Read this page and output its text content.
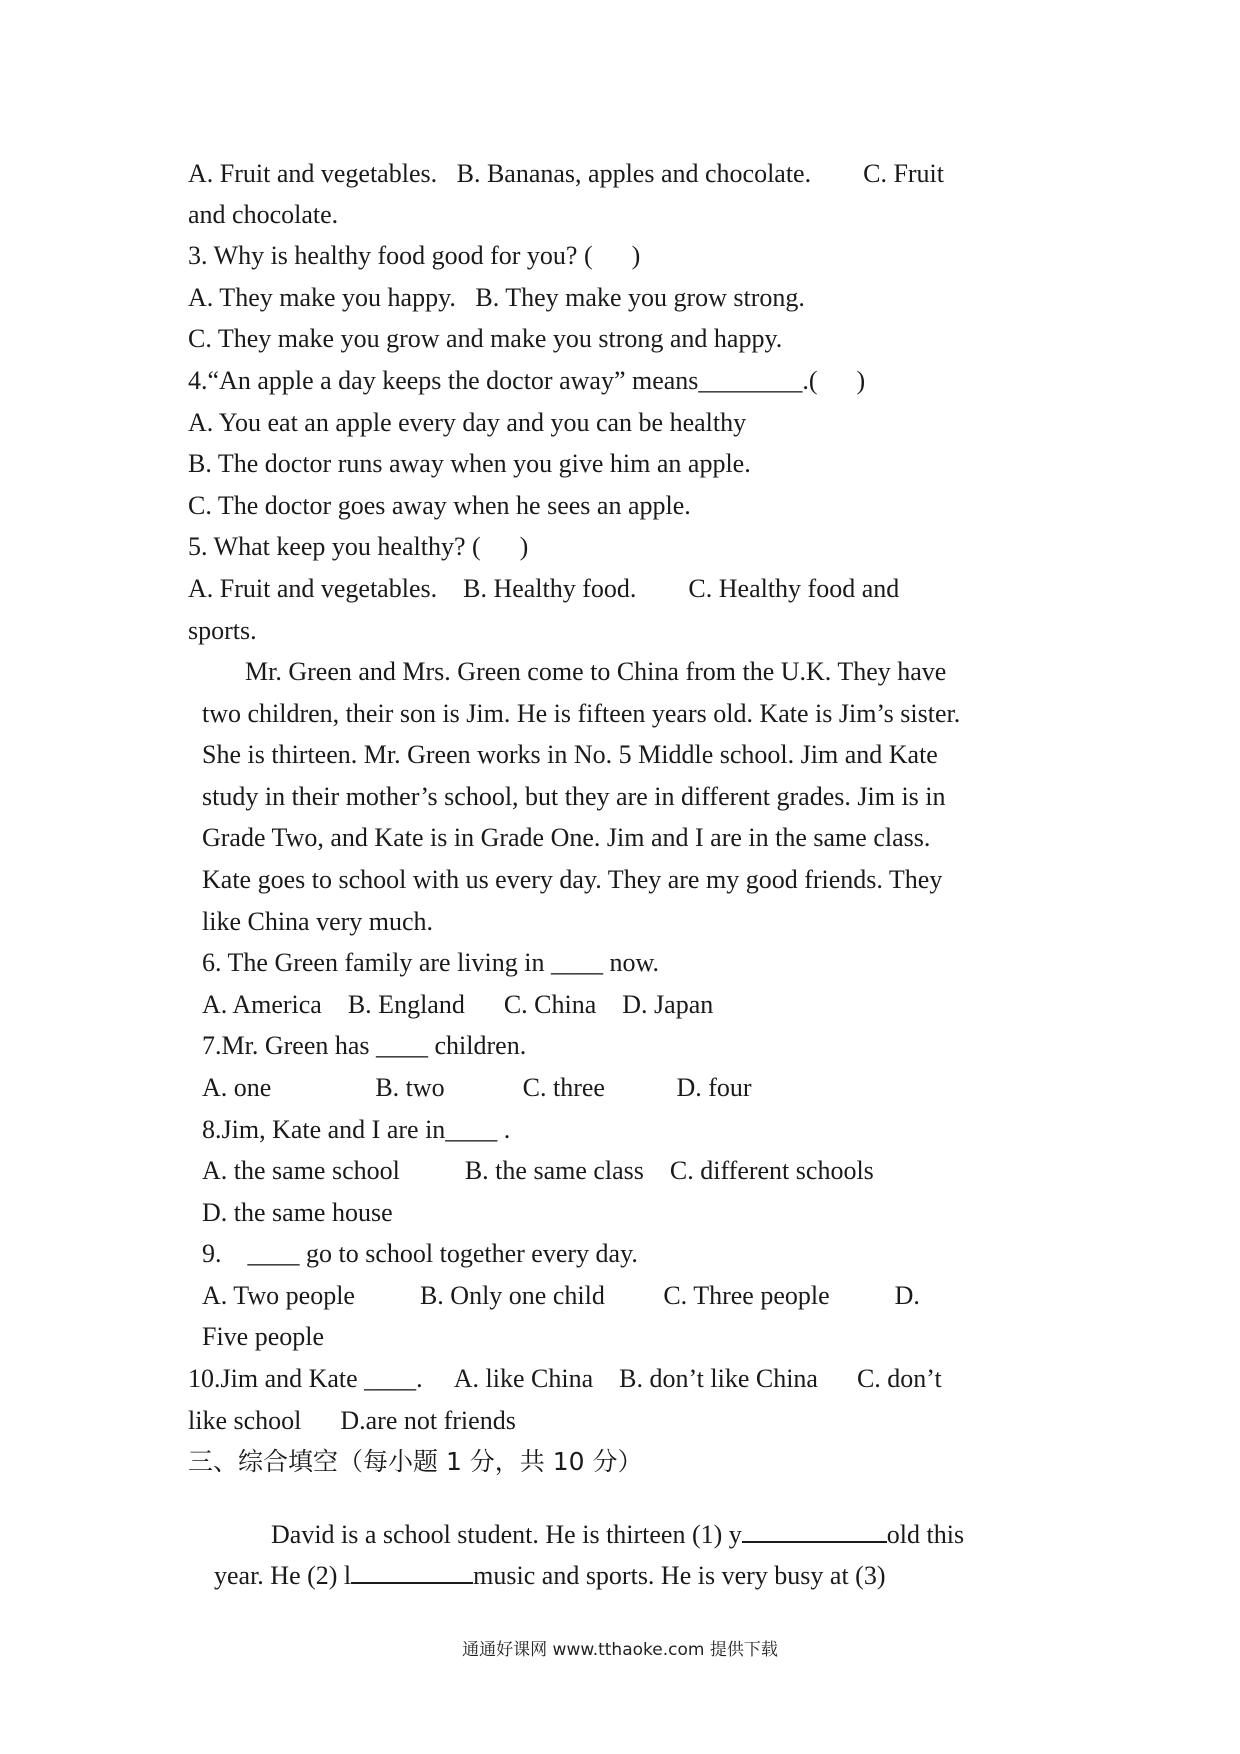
A. Fruit and vegetables.   B. Bananas, apples and chocolate.        C. Fruit
and chocolate.
3. Why is healthy food good for you? (      )
A. They make you happy.   B. They make you grow strong.
C. They make you grow and make you strong and happy.
4.“An apple a day keeps the doctor away” means________.(      )
A. You eat an apple every day and you can be healthy
B. The doctor runs away when you give him an apple.
C. The doctor goes away when he sees an apple.
5. What keep you healthy? (      )
A. Fruit and vegetables.    B. Healthy food.        C. Healthy food and
sports.
Mr. Green and Mrs. Green come to China from the U.K. They have
two children, their son is Jim. He is fifteen years old. Kate is Jim’s sister.
She is thirteen. Mr. Green works in No. 5 Middle school. Jim and Kate
study in their mother’s school, but they are in different grades. Jim is in
Grade Two, and Kate is in Grade One. Jim and I are in the same class.
Kate goes to school with us every day. They are my good friends. They
like China very much.
6. The Green family are living in ____ now.
A. America    B. England      C. China    D. Japan
7.Mr. Green has ____ children.
A. one                B. two            C. three           D. four
8.Jim, Kate and I are in____ .
A. the same school          B. the same class    C. different schools
D. the same house
9.    ____ go to school together every day.
A. Two people          B. Only one child         C. Three people          D.
Five people
10.Jim and Kate ____.     A. like China    B. don’t like China      C. don’t
like school      D.are not friends
三、综合填空（每小题 1 分，共 10 分）

David is a school student. He is thirteen (1) y	old this

year. He (2) l	music and sports. He is very busy at (3)

通通好课网 www.tthaoke.com 提供下载
